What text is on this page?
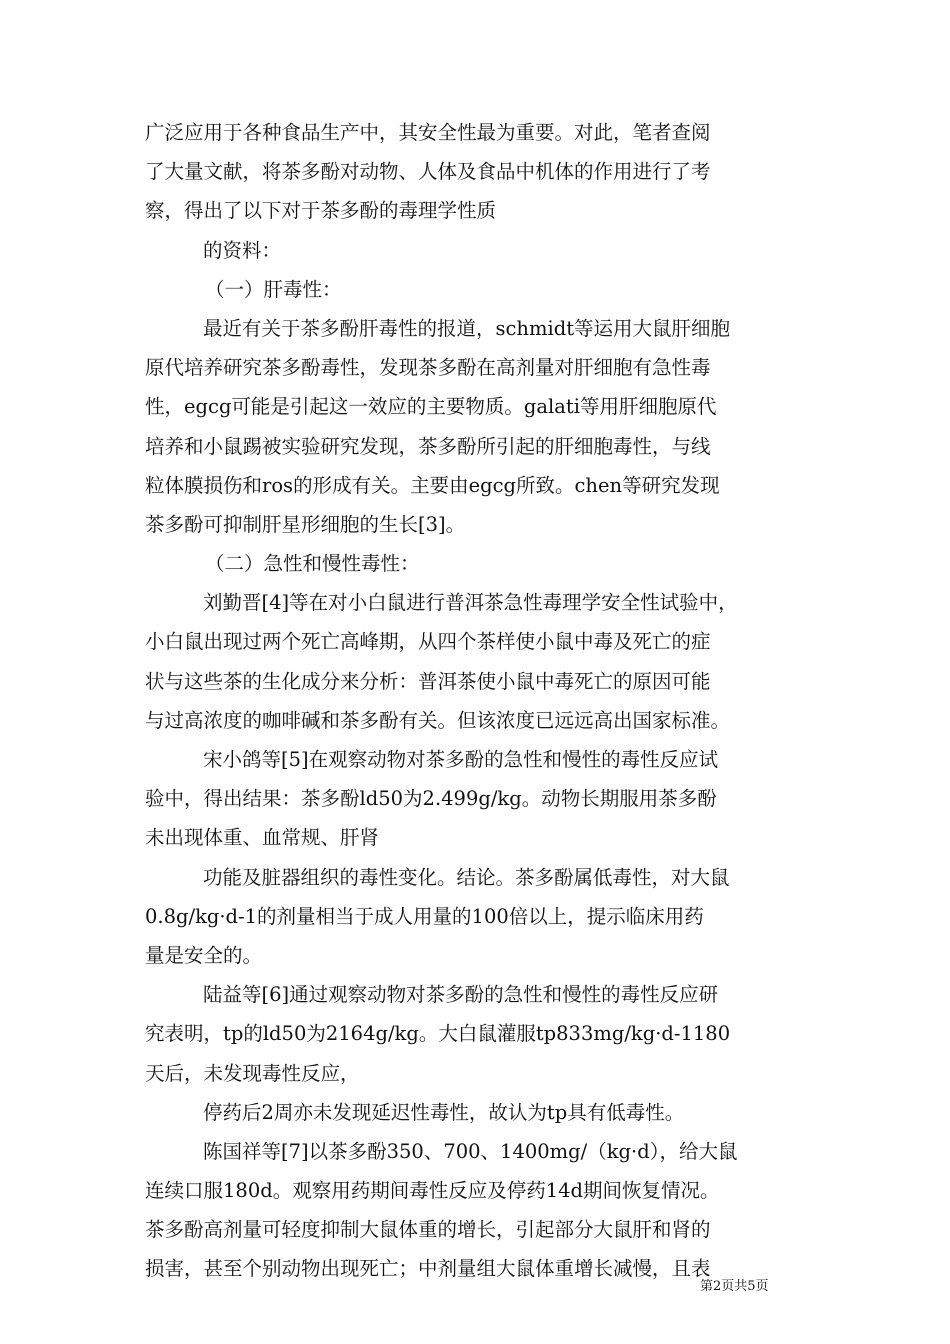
广泛应用于各种食品生产中，其安全性最为重要。对此，笔者查阅
了大量文献，将茶多酚对动物、人体及食品中机体的作用进行了考
察，得出了以下对于茶多酚的毒理学性质
的资料：
（一）肝毒性：
最近有关于茶多酚肝毒性的报道，schmidt等运用大鼠肝细胞
原代培养研究茶多酚毒性，发现茶多酚在高剂量对肝细胞有急性毒
性，egcg可能是引起这一效应的主要物质。galati等用肝细胞原代
培养和小鼠踢被实验研究发现，茶多酚所引起的肝细胞毒性，与线
粒体膜损伤和ros的形成有关。主要由egcg所致。chen等研究发现
茶多酚可抑制肝星形细胞的生长[3]。
（二）急性和慢性毒性：
刘勤晋[4]等在对小白鼠进行普洱茶急性毒理学安全性试验中，
小白鼠出现过两个死亡高峰期，从四个茶样使小鼠中毒及死亡的症
状与这些茶的生化成分来分析：普洱茶使小鼠中毒死亡的原因可能
与过高浓度的咖啡碱和茶多酚有关。但该浓度已远远高出国家标准。
宋小鸽等[5]在观察动物对茶多酚的急性和慢性的毒性反应试
验中，得出结果：茶多酚ld50为2.499g/kg。动物长期服用茶多酚
未出现体重、血常规、肝肾
功能及脏器组织的毒性变化。结论。茶多酚属低毒性，对大鼠
0.8g/kg·d-1的剂量相当于成人用量的100倍以上，提示临床用药
量是安全的。
陆益等[6]通过观察动物对茶多酚的急性和慢性的毒性反应研
究表明，tp的ld50为2164g/kg。大白鼠灌服tp833mg/kg·d-1180
天后，未发现毒性反应，
停药后2周亦未发现延迟性毒性，故认为tp具有低毒性。
陈国祥等[7]以茶多酚350、700、1400mg/（kg·d），给大鼠
连续口服180d。观察用药期间毒性反应及停药14d期间恢复情况。
茶多酚高剂量可轻度抑制大鼠体重的增长，引起部分大鼠肝和肾的
损害，甚至个别动物出现死亡；中剂量组大鼠体重增长减慢，且表
第2页共5页
